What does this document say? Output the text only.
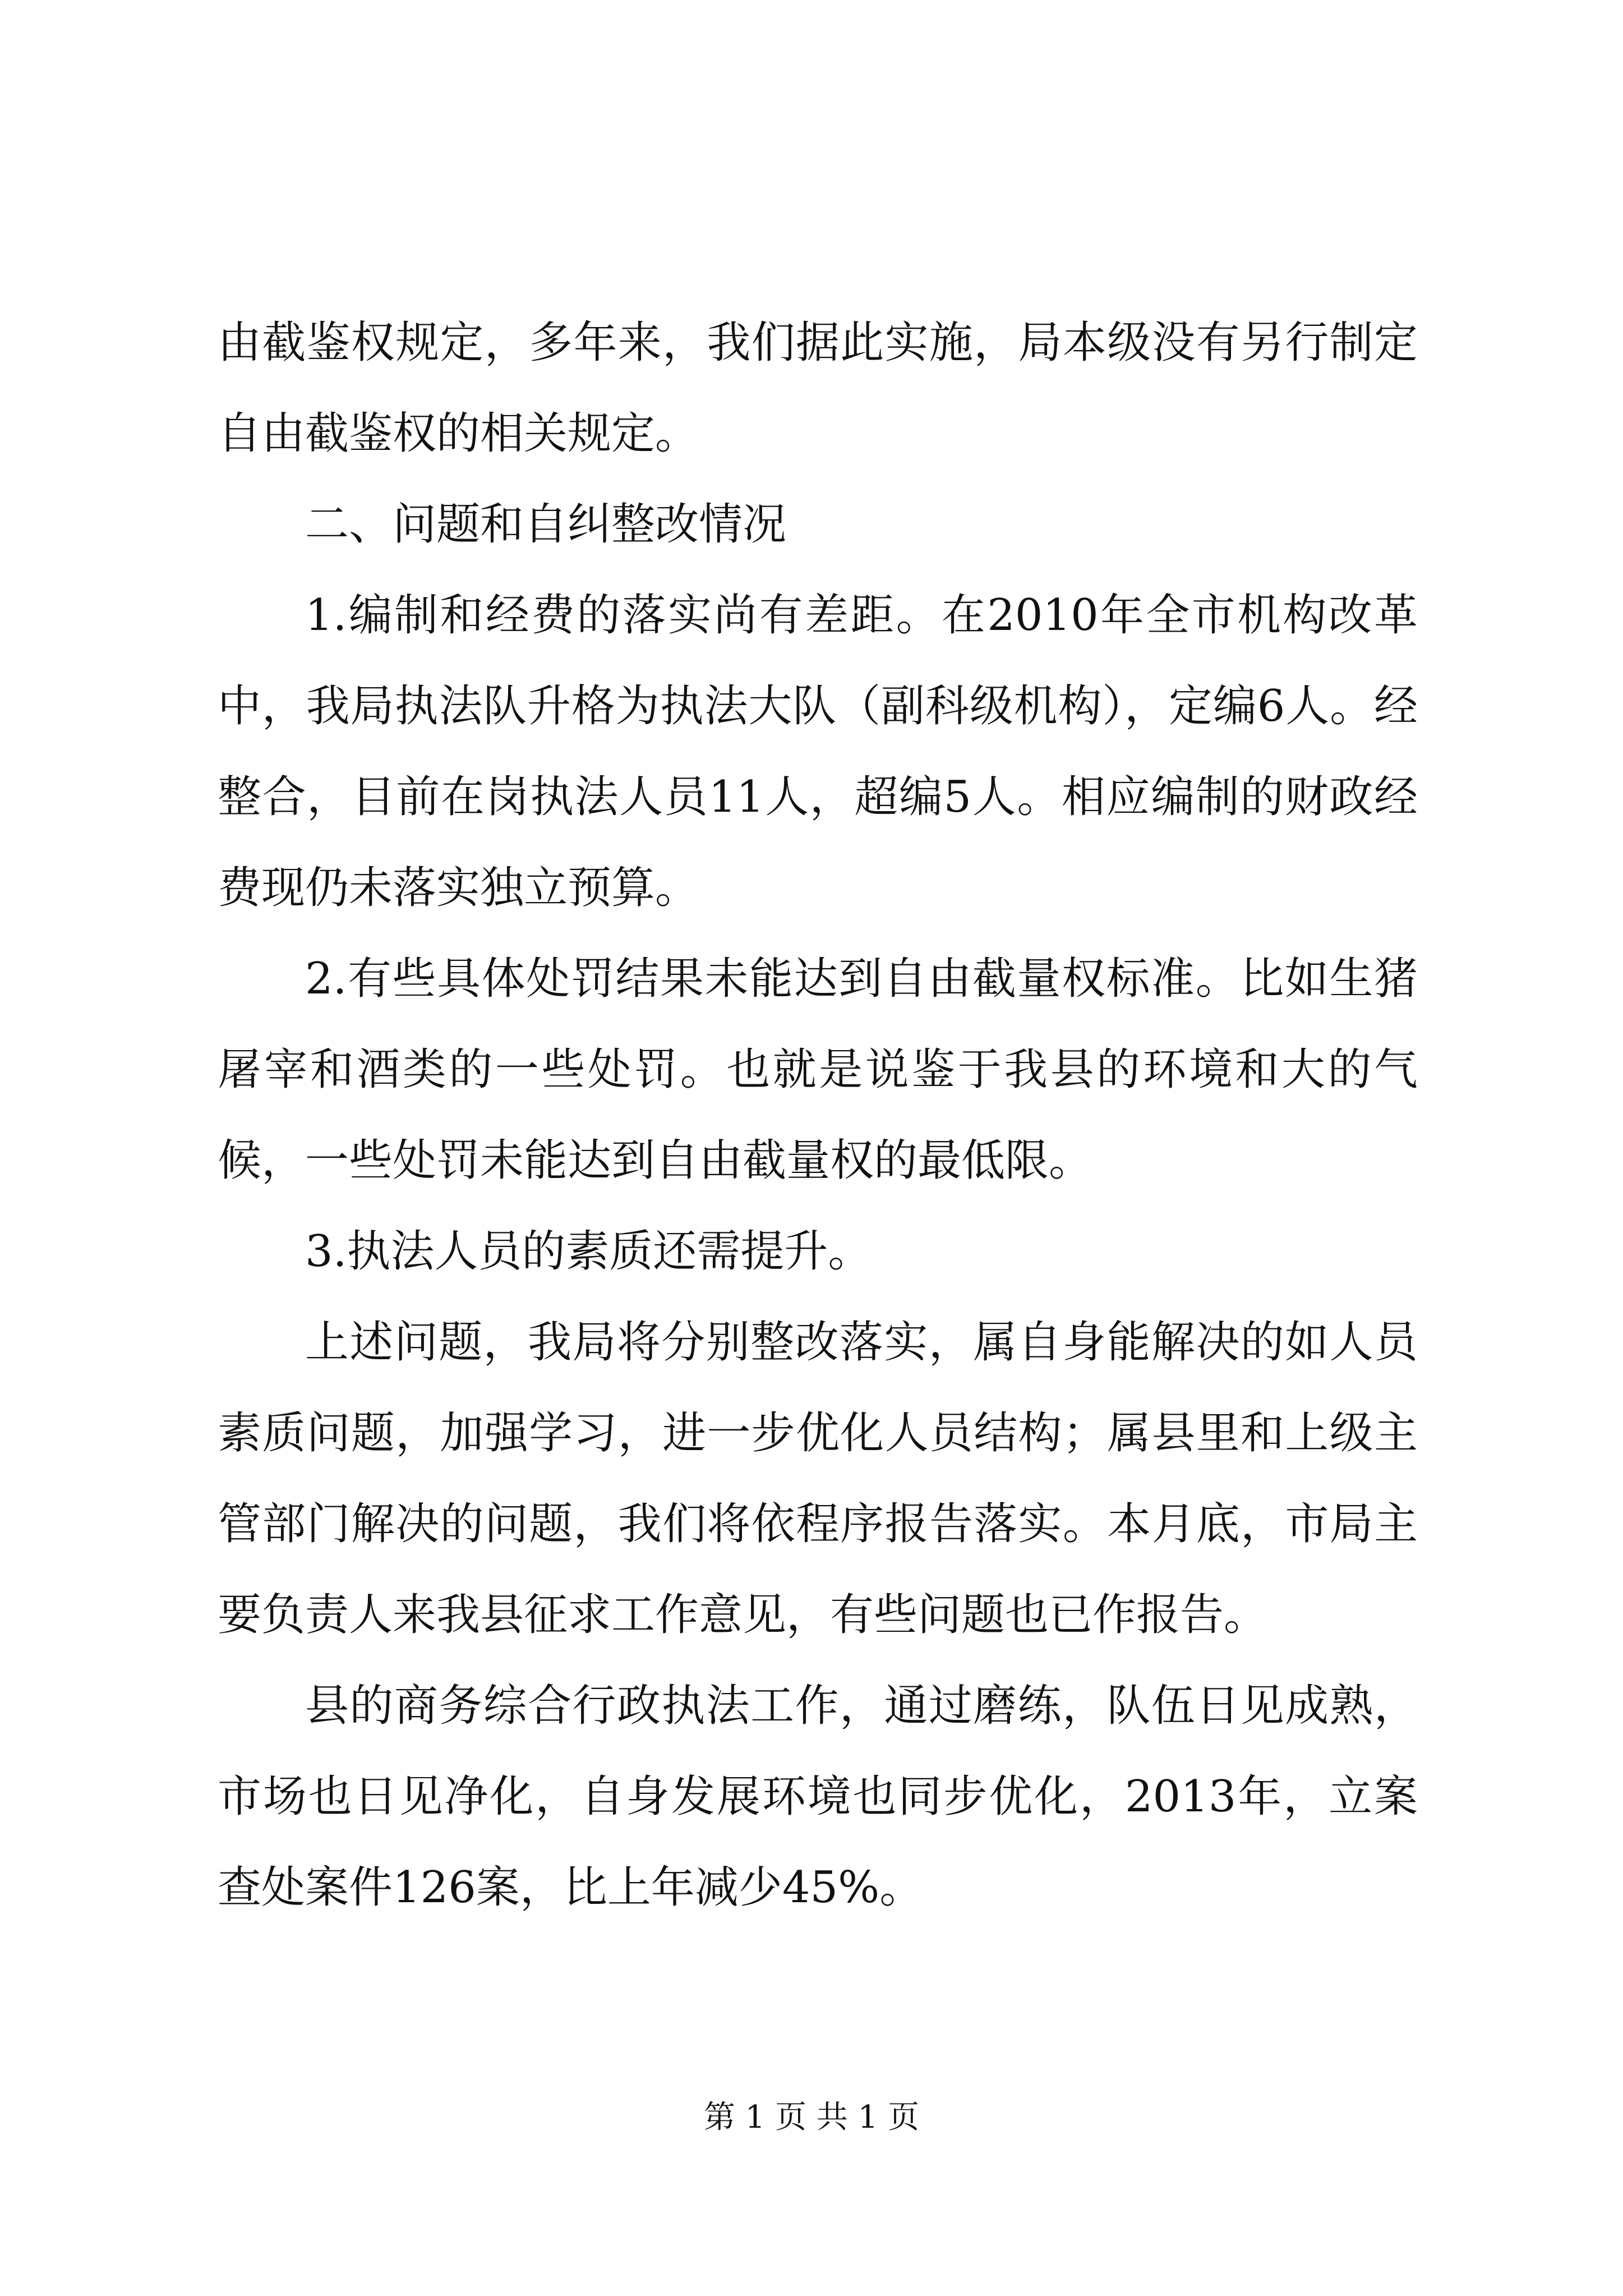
由截鉴权规定，多年来，我们据此实施，局本级没有另行制定自由截鉴权的相关规定。

二、问题和自纠整改情况

1.编制和经费的落实尚有差距。在2010年全市机构改革中，我局执法队升格为执法大队（副科级机构），定编6人。经整合，目前在岗执法人员11人，超编5人。相应编制的财政经费现仍未落实独立预算。

2.有些具体处罚结果未能达到自由截量权标准。比如生猪屠宰和酒类的一些处罚。也就是说鉴于我县的环境和大的气候，一些处罚未能达到自由截量权的最低限。

3.执法人员的素质还需提升。

上述问题，我局将分别整改落实，属自身能解决的如人员素质问题，加强学习，进一步优化人员结构；属县里和上级主管部门解决的问题，我们将依程序报告落实。本月底，市局主要负责人来我县征求工作意见，有些问题也已作报告。

县的商务综合行政执法工作，通过磨练，队伍日见成熟，市场也日见净化，自身发展环境也同步优化，2013年，立案查处案件126案，比上年减少45%。

第 1 页 共 1 页
